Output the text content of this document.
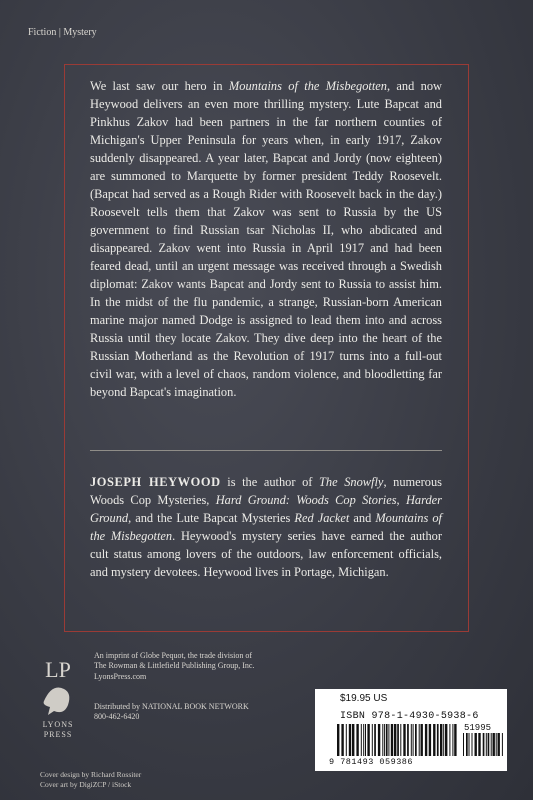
Fiction | Mystery
We last saw our hero in Mountains of the Misbegotten, and now Heywood delivers an even more thrilling mystery. Lute Bapcat and Pinkhus Zakov had been partners in the far northern counties of Michigan's Upper Peninsula for years when, in early 1917, Zakov suddenly disappeared. A year later, Bapcat and Jordy (now eighteen) are summoned to Marquette by former president Teddy Roosevelt. (Bapcat had served as a Rough Rider with Roosevelt back in the day.) Roosevelt tells them that Zakov was sent to Russia by the US government to find Russian tsar Nicholas II, who abdicated and disappeared. Zakov went into Russia in April 1917 and had been feared dead, until an urgent message was received through a Swedish diplomat: Zakov wants Bapcat and Jordy sent to Russia to assist him. In the midst of the flu pandemic, a strange, Russian-born American marine major named Dodge is assigned to lead them into and across Russia until they locate Zakov. They dive deep into the heart of the Russian Motherland as the Revolution of 1917 turns into a full-out civil war, with a level of chaos, random violence, and bloodletting far beyond Bapcat's imagination.
JOSEPH HEYWOOD is the author of The Snowfly, numerous Woods Cop Mysteries, Hard Ground: Woods Cop Stories, Harder Ground, and the Lute Bapcat Mysteries Red Jacket and Mountains of the Misbegotten. Heywood's mystery series have earned the author cult status among lovers of the outdoors, law enforcement officials, and mystery devotees. Heywood lives in Portage, Michigan.
LP
LYONS
PRESS
An imprint of Globe Pequot, the trade division of
The Rowman & Littlefield Publishing Group, Inc.
LyonsPress.com
Distributed by NATIONAL BOOK NETWORK
800-462-6420
Cover design by Richard Rossiter
Cover art by DigiZCP / iStock
$19.95 US
ISBN 978-1-4930-5938-6
51995
9 781493 059386
